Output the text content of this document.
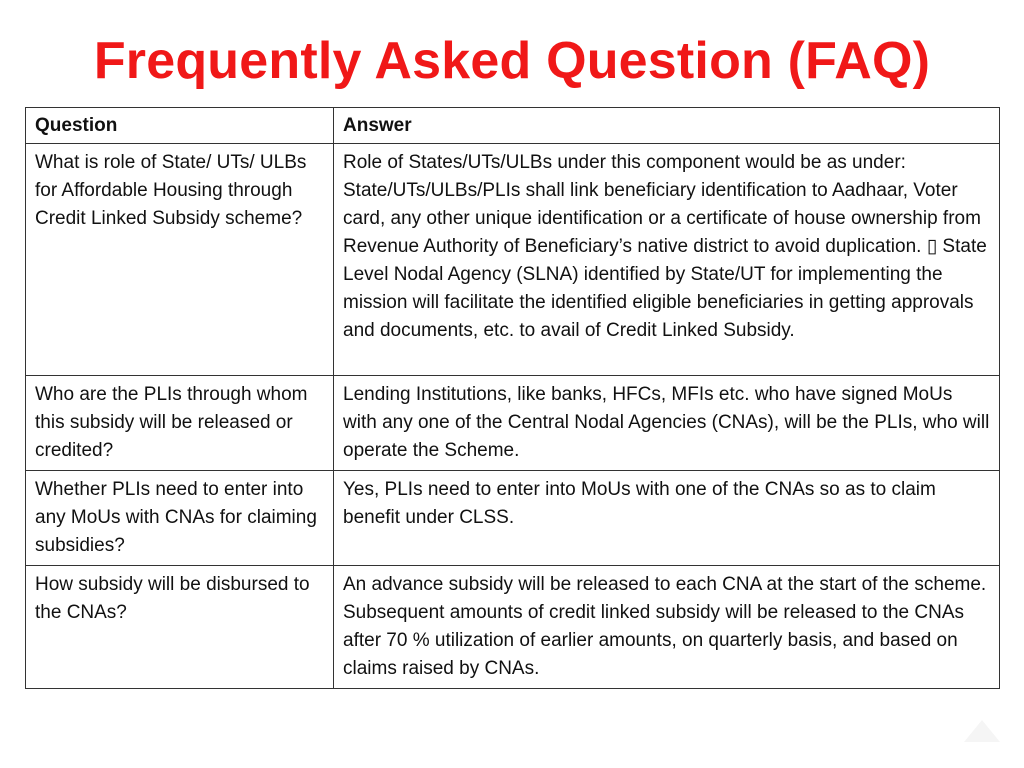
Frequently Asked Question (FAQ)
Question	Answer
What is role of State/ UTs/ ULBs for Affordable Housing through Credit Linked Subsidy scheme?	Role of States/UTs/ULBs under this component would be as under: State/UTs/ULBs/PLIs shall link beneficiary identification to Aadhaar, Voter card, any other unique identification or a certificate of house ownership from Revenue Authority of Beneficiary’s native district to avoid duplication. ▯ State Level Nodal Agency (SLNA) identified by State/UT for implementing the mission will facilitate the identified eligible beneficiaries in getting approvals and documents, etc. to avail of Credit Linked Subsidy.
Who are the PLIs through whom this subsidy will be released or credited?	Lending Institutions, like banks, HFCs, MFIs etc. who have signed MoUs with any one of the Central Nodal Agencies (CNAs), will be the PLIs, who will operate the Scheme.
Whether PLIs need to enter into any MoUs with CNAs for claiming subsidies?	Yes, PLIs need to enter into MoUs with one of the CNAs so as to claim benefit under CLSS.
How subsidy will be disbursed to the CNAs?	An advance subsidy will be released to each CNA at the start of the scheme. Subsequent amounts of credit linked subsidy will be released to the CNAs after 70 % utilization of earlier amounts, on quarterly basis, and based on claims raised by CNAs.
